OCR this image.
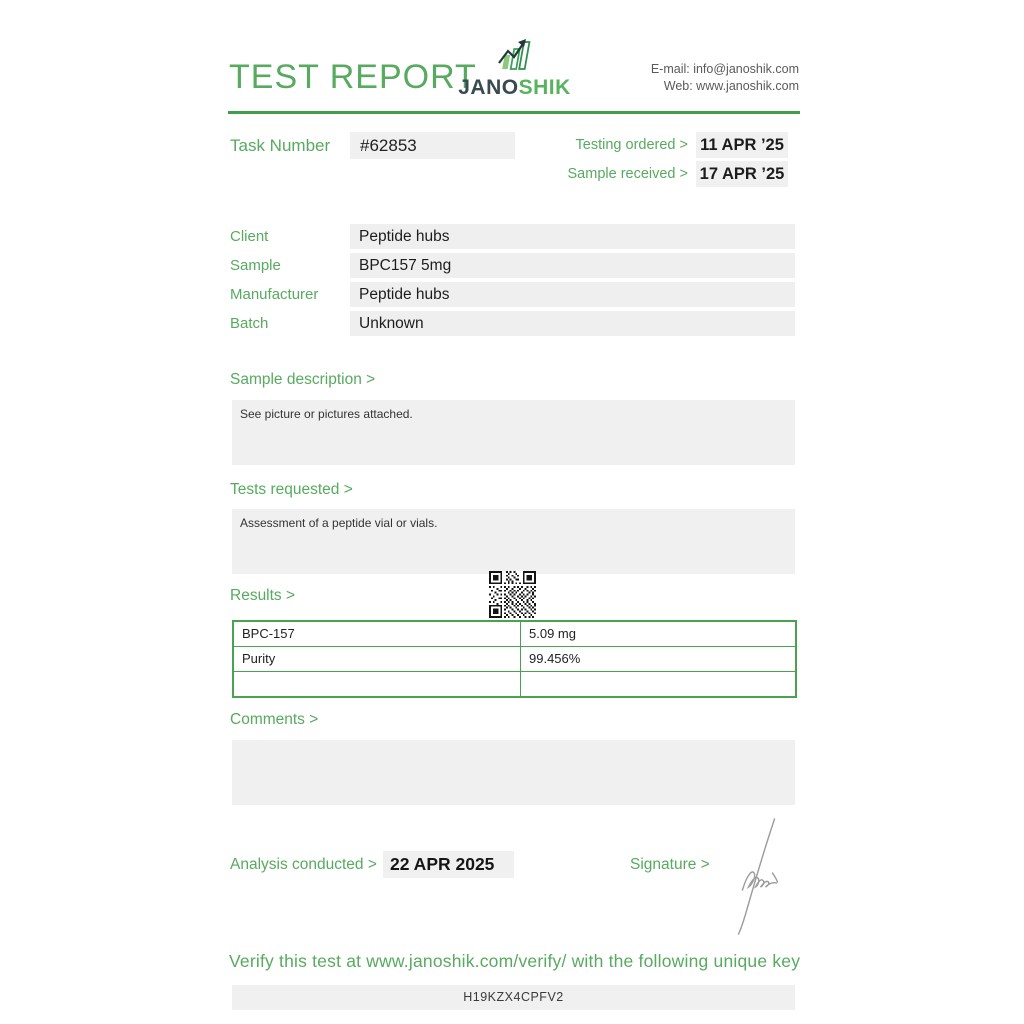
TEST REPORT
JANOSHIK
E-mail: info@janoshik.com
Web: www.janoshik.com
Task Number	#62853	Testing ordered > 11 APR ’25
Sample received > 17 APR ’25
Client	Peptide hubs
Sample	BPC157 5mg
Manufacturer	Peptide hubs
Batch	Unknown
Sample description >
See picture or pictures attached.
Tests requested >
Assessment of a peptide vial or vials.
Results >
BPC-157	5.09 mg
Purity	99.456%
Comments >
Analysis conducted > 22 APR 2025	Signature >
Verify this test at www.janoshik.com/verify/ with the following unique key
H19KZX4CPFV2
